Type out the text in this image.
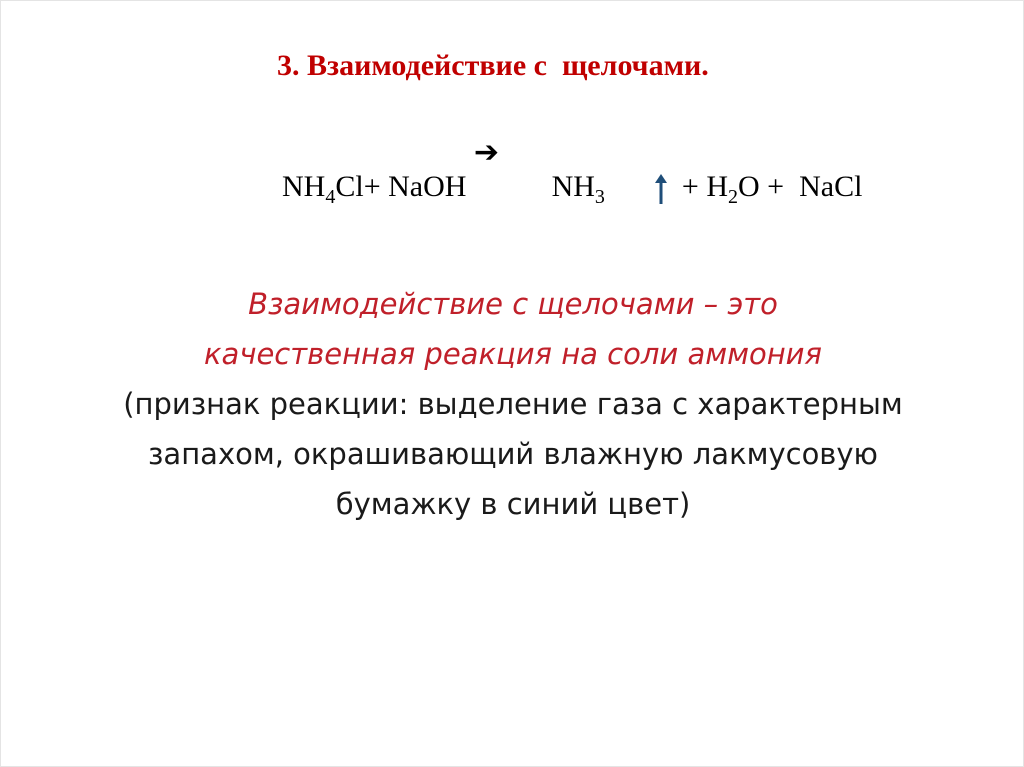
3. Взаимодействие с  щелочами.

$NH_4Cl+$ NaOH

➔

$NH_3$

	+ $H_2O$ +  NaCl

Взаимодействие с щелочами – это
качественная реакция на соли аммония
(признак реакции: выделение газа с характерным
запахом, окрашивающий влажную лакмусовую
бумажку в синий цвет)
